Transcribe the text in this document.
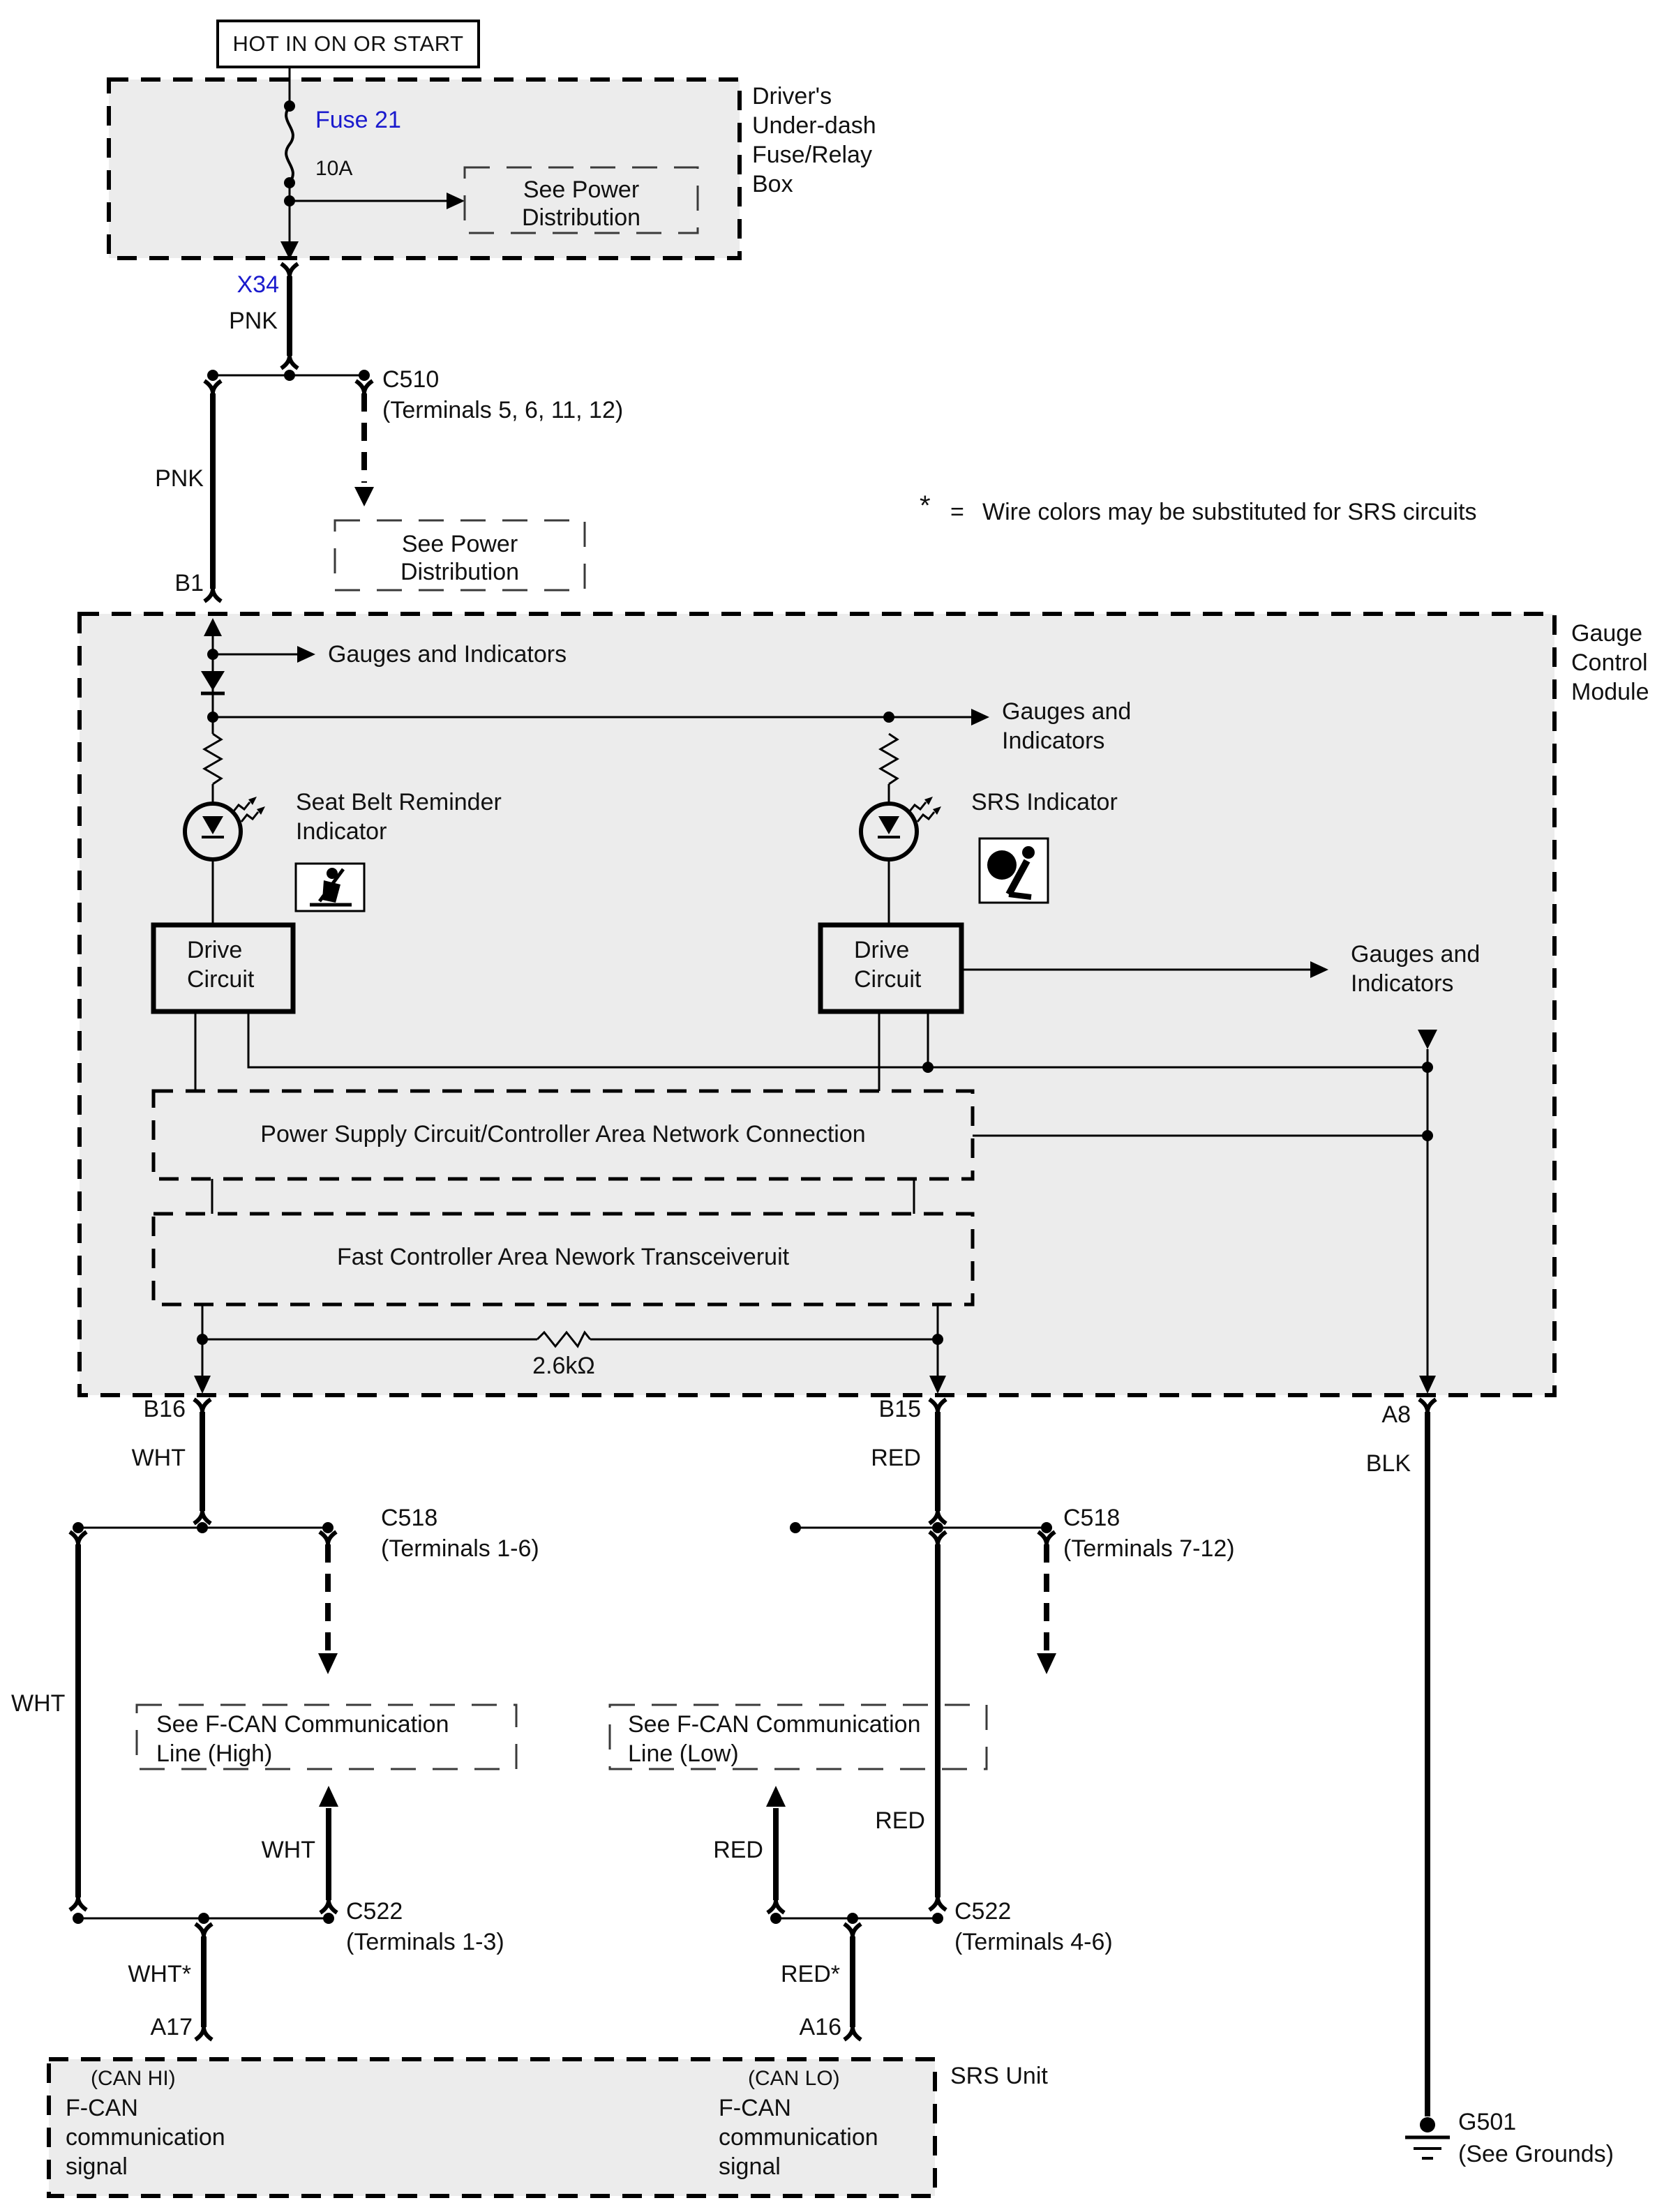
HOT IN ON OR START
Driver's
Under-dash
Fuse/Relay
Box
Fuse 21
10A
See Power
Distribution
X34
PNK
C510
(Terminals 5, 6, 11, 12)
See Power
Distribution
* = Wire colors may be substituted for SRS circuits
PNK
B1
Gauge
Control
Module
Gauges and Indicators
Gauges and
Indicators
Seat Belt Reminder
Indicator
SRS Indicator
Drive
Circuit
Drive
Circuit
Gauges and
Indicators
Power Supply Circuit/Controller Area Network Connection
Fast Controller Area Nework Transceiveruit
2.6kΩ
B16	B15	A8
WHT	RED	BLK
C518
(Terminals 1-6)
C518
(Terminals 7-12)
WHT
RED
See F-CAN Communication
Line (High)
See F-CAN Communication
Line (Low)
WHT	RED
C522
(Terminals 1-3)
C522
(Terminals 4-6)
WHT*	RED*
A17	A16
SRS Unit
(CAN HI)
F-CAN
communication
signal
(CAN LO)
F-CAN
communication
signal
G501
(See Grounds)
